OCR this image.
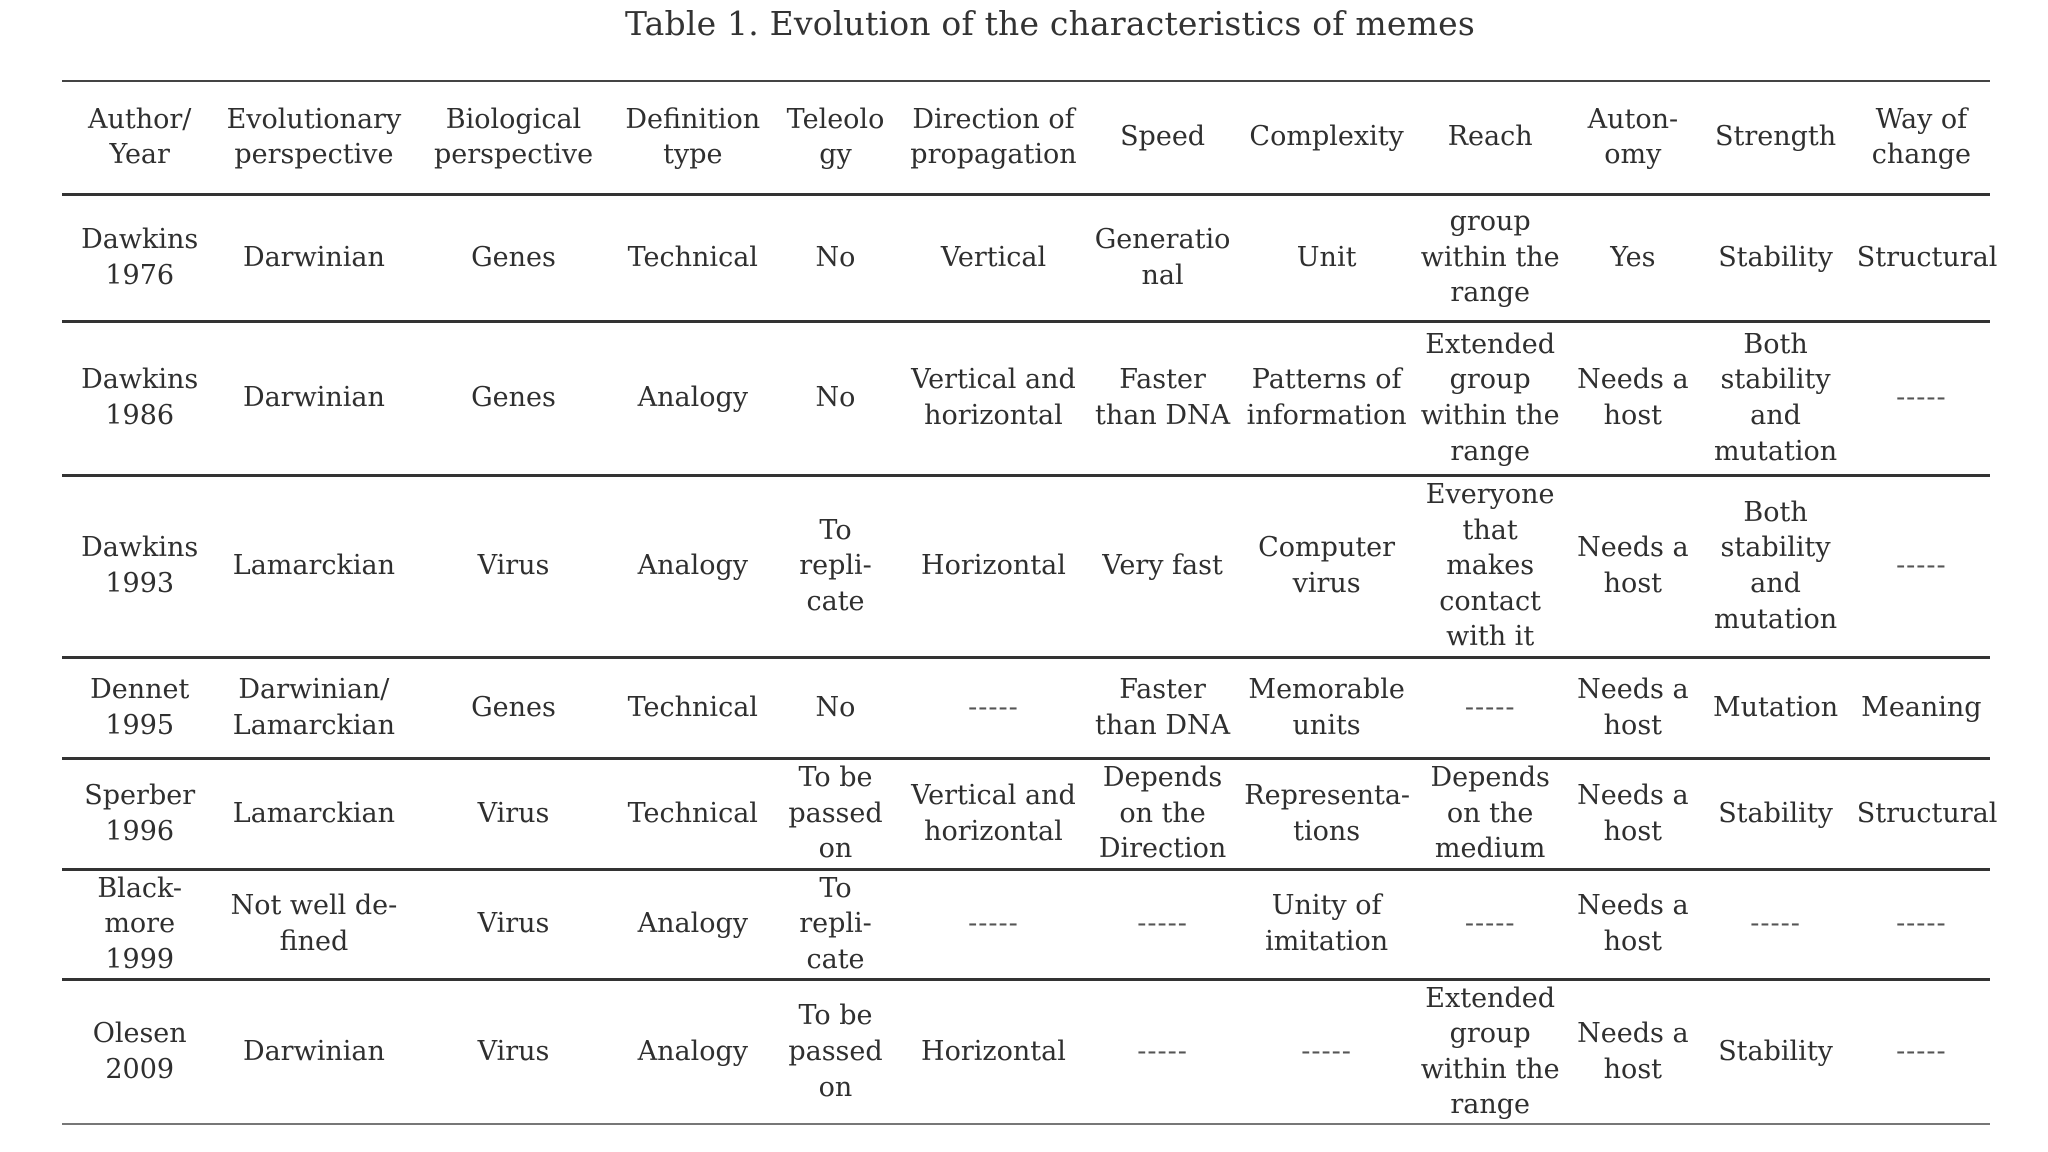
Table 1. Evolution of the characteristics of memes
Author/
Year	Evolutionary
perspective	Biological
perspective	Definition
type	Teleolo
gy	Direction of
propagation	Speed	Complexity	Reach	Auton-
omy	Strength	Way of
change

Dawkins
1976	Darwinian	Genes	Technical	No	Vertical	Generatio
nal	Unit	group
within the
range	Yes	Stability	Structural

Dawkins
1986	Darwinian	Genes	Analogy	No	Vertical and
horizontal	Faster
than DNA	Patterns of
information	Extended
group
within the
range	Needs a
host	Both
stability
and
mutation	-----

Dawkins
1993	Lamarckian	Virus	Analogy	To
repli-
cate	Horizontal	Very fast	Computer
virus	Everyone
that
makes
contact
with it	Needs a
host	Both
stability
and
mutation	-----

Dennet
1995	Darwinian/
Lamarckian	Genes	Technical	No	-----	Faster
than DNA	Memorable
units	-----	Needs a
host	Mutation	Meaning

Sperber
1996	Lamarckian	Virus	Technical	To be
passed
on	Vertical and
horizontal	Depends
on the
Direction	Representa-
tions	Depends
on the
medium	Needs a
host	Stability	Structural

Black-
more
1999	Not well de-
fined	Virus	Analogy	To
repli-
cate	-----	-----	Unity of
imitation	-----	Needs a
host	-----	-----

Olesen
2009	Darwinian	Virus	Analogy	To be
passed
on	Horizontal	-----	-----	Extended
group
within the
range	Needs a
host	Stability	-----
